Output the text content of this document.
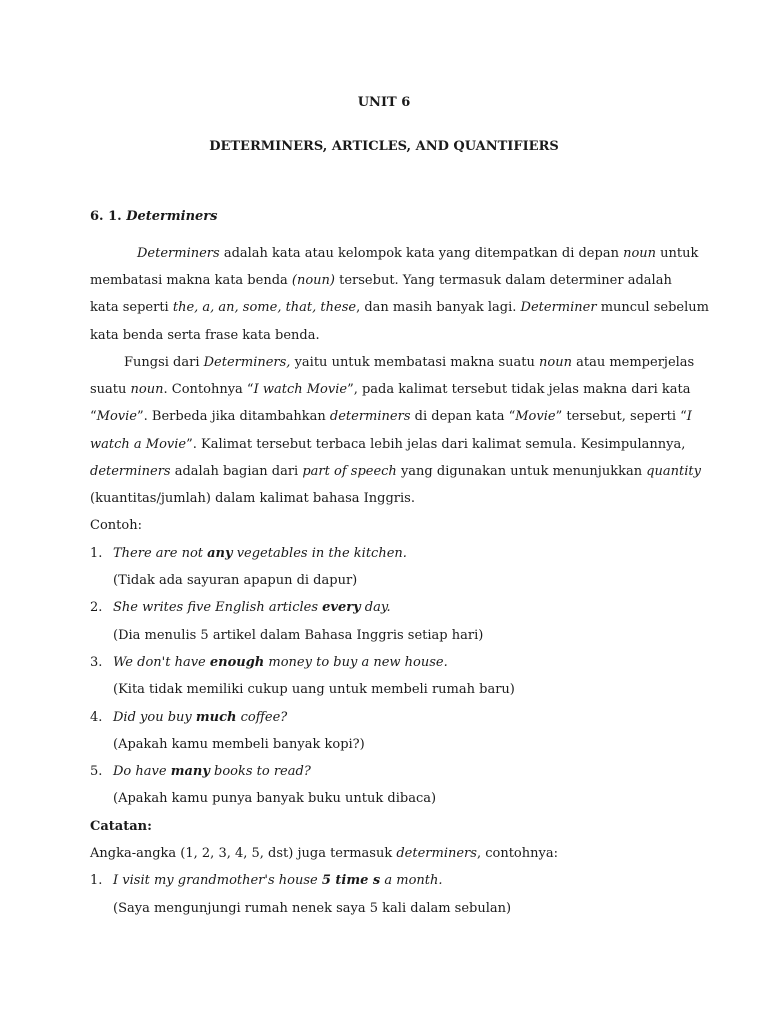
UNIT 6
DETERMINERS, ARTICLES, AND QUANTIFIERS
6. 1. Determiners
Determiners adalah kata atau kelompok kata yang ditempatkan di depan noun untuk
membatasi makna kata benda (noun) tersebut. Yang termasuk dalam determiner adalah
kata seperti the, a, an, some, that, these, dan masih banyak lagi. Determiner muncul sebelum
kata benda serta frase kata benda.
Fungsi dari Determiners, yaitu untuk membatasi makna suatu noun atau memperjelas
suatu noun. Contohnya “I watch Movie”, pada kalimat tersebut tidak jelas makna dari kata
“Movie”. Berbeda jika ditambahkan determiners di depan kata “Movie” tersebut, seperti “I
watch a Movie”. Kalimat tersebut terbaca lebih jelas dari kalimat semula. Kesimpulannya,
determiners adalah bagian dari part of speech yang digunakan untuk menunjukkan quantity
(kuantitas/jumlah) dalam kalimat bahasa Inggris.
Contoh:
1. There are not any vegetables in the kitchen.
(Tidak ada sayuran apapun di dapur)
2. She writes five English articles every day.
(Dia menulis 5 artikel dalam Bahasa Inggris setiap hari)
3. We don't have enough money to buy a new house.
(Kita tidak memiliki cukup uang untuk membeli rumah baru)
4. Did you buy much coffee?
(Apakah kamu membeli banyak kopi?)
5. Do have many books to read?
(Apakah kamu punya banyak buku untuk dibaca)
Catatan:
Angka-angka (1, 2, 3, 4, 5, dst) juga termasuk determiners, contohnya:
1. I visit my grandmother's house 5 time s a month.
(Saya mengunjungi rumah nenek saya 5 kali dalam sebulan)
